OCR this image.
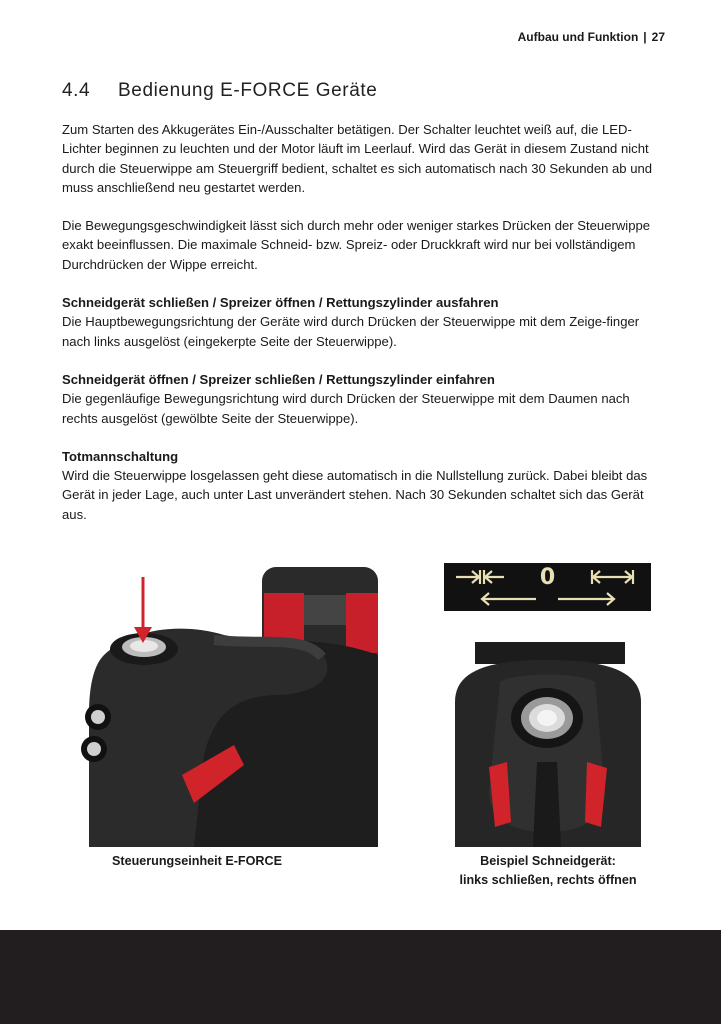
Aufbau und Funktion | 27
4.4 Bedienung E-FORCE Geräte

Zum Starten des Akkugerätes Ein-/Ausschalter betätigen. Der Schalter leuchtet weiß auf, die LED-Lichter beginnen zu leuchten und der Motor läuft im Leerlauf. Wird das Gerät in diesem Zustand nicht durch die Steuerwippe am Steuergriff bedient, schaltet es sich automatisch nach 30 Sekunden ab und muss anschließend neu gestartet werden.

Die Bewegungsgeschwindigkeit lässt sich durch mehr oder weniger starkes Drücken der Steuerwippe exakt beeinflussen. Die maximale Schneid- bzw. Spreiz- oder Druckkraft wird nur bei vollständigem Durchdrücken der Wippe erreicht.

Schneidgerät schließen / Spreizer öffnen / Rettungszylinder ausfahren

Die Hauptbewegungsrichtung der Geräte wird durch Drücken der Steuerwippe mit dem Zeige-finger nach links ausgelöst (eingekerpte Seite der Steuerwippe).

Schneidgerät öffnen / Spreizer schließen / Rettungszylinder einfahren

Die gegenläufige Bewegungsrichtung wird durch Drücken der Steuerwippe mit dem Daumen nach rechts ausgelöst (gewölbte Seite der Steuerwippe).

Totmannschaltung

Wird die Steuerwippe losgelassen geht diese automatisch in die Nullstellung zurück. Dabei bleibt das Gerät in jeder Lage, auch unter Last unverändert stehen. Nach 30 Sekunden schaltet sich das Gerät aus.

0
Steuerungseinheit E-FORCE	Beispiel Schneidgerät:
links schließen, rechts öffnen
